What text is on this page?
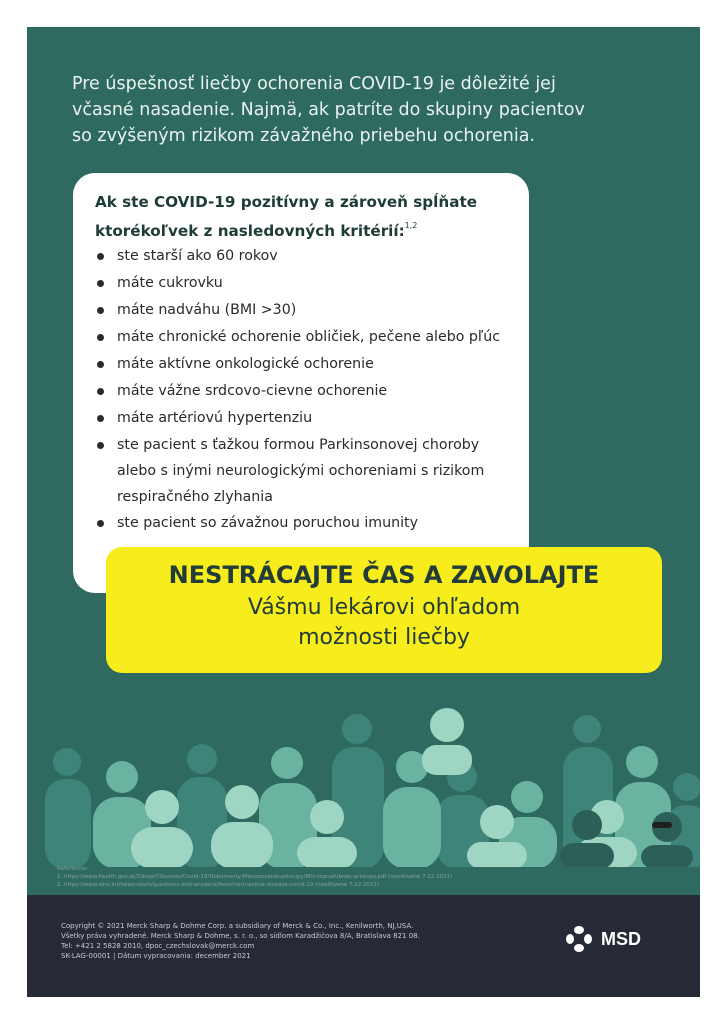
Pre úspešnosť liečby ochorenia COVID-19 je dôležité jej
včasné nasadenie. Najmä, ak patríte do skupiny pacientov
so zvýšeným rizikom závažného priebehu ochorenia.
Ak ste COVID-19 pozitívny a zároveň spĺňate
ktorékoľvek z nasledovných kritérií:$^{1,2}$
ste starší ako 60 rokov
máte cukrovku
máte nadváhu (BMI >30)
máte chronické ochorenie obličiek, pečene alebo pľúc
máte aktívne onkologické ochorenie
máte vážne srdcovo-cievne ochorenie
máte artériovú hypertenziu
ste pacient s ťažkou formou Parkinsonovej choroby
alebo s inými neurologickými ochoreniami s rizikom
respiračného zlyhania
ste pacient so závažnou poruchou imunity
NESTRÁCAJTE ČAS A ZAVOLAJTE
Vášmu lekárovi ohľadom
možnosti liečby
Referencie:
1. https://www.health.gov.sk/Zdroje?/Sources/Covid-19/Dokumenty/Manazovanie-pristupy/MU-cepnafubnac-pristupy.pdf (navštívené 7.12.2021)
2. https://www.who.int/news-room/questions-and-answers/item/coronavirus-disease-covid-19 (navštívené 7.12.2021)
Copyright © 2021 Merck Sharp & Dohme Corp. a subsidiary of Merck & Co., Inc., Kenilworth, NJ,USA.
Všetky práva vyhradené. Merck Sharp & Dohme, s. r. o., so sídlom Karadžičova 8/A, Bratislava 821 08.
Tel: +421 2 5828 2010, dpoc_czechslovak@merck.com
SK-LAG-00001 | Dátum vypracovania: december 2021
MSD
